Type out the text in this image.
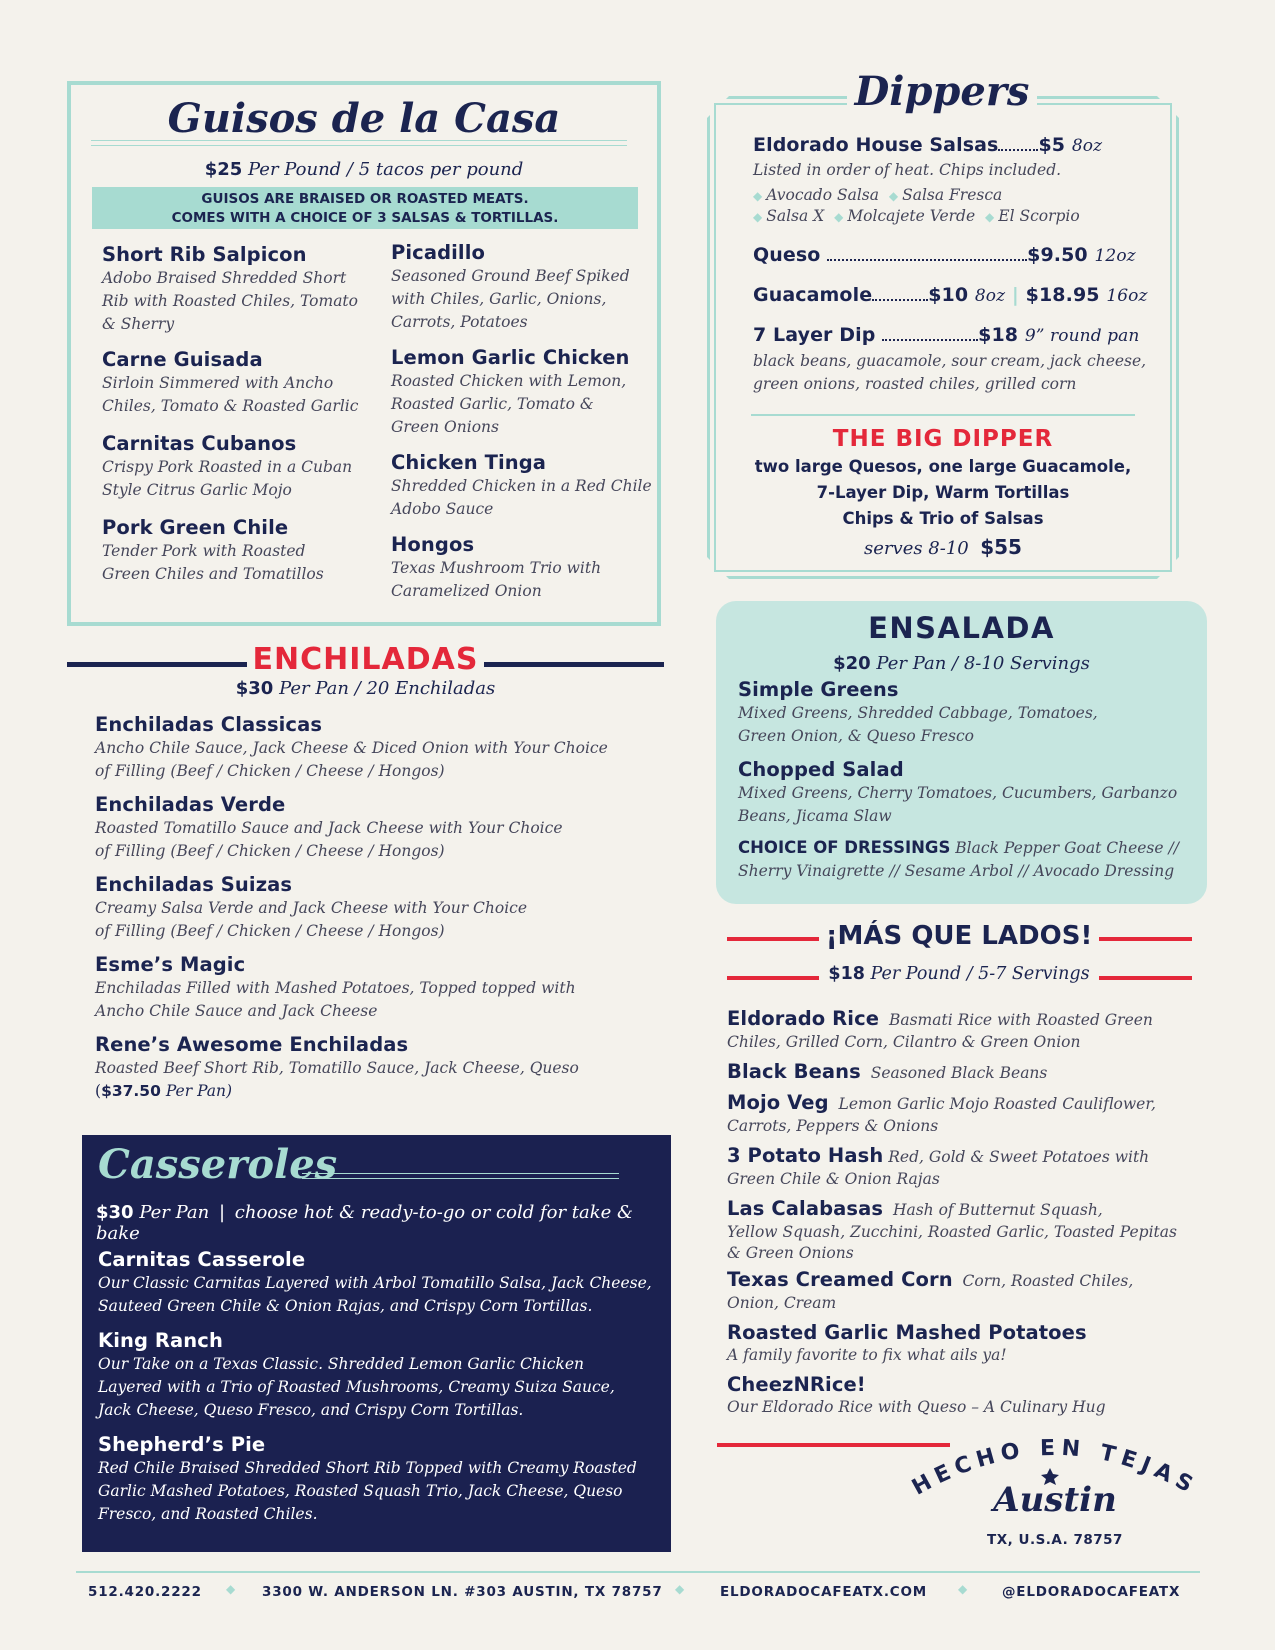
Guisos de la Casa
$25 Per Pound / 5 tacos per pound
GUISOS ARE BRAISED OR ROASTED MEATS.
COMES WITH A CHOICE OF 3 SALSAS & TORTILLAS.
Short Rib Salpicon
Adobo Braised Shredded Short
Rib with Roasted Chiles, Tomato
& Sherry
Carne Guisada
Sirloin Simmered with Ancho
Chiles, Tomato & Roasted Garlic
Carnitas Cubanos
Crispy Pork Roasted in a Cuban
Style Citrus Garlic Mojo
Pork Green Chile
Tender Pork with Roasted
Green Chiles and Tomatillos
Picadillo
Seasoned Ground Beef Spiked
with Chiles, Garlic, Onions,
Carrots, Potatoes
Lemon Garlic Chicken
Roasted Chicken with Lemon,
Roasted Garlic, Tomato &
Green Onions
Chicken Tinga
Shredded Chicken in a Red Chile
Adobo Sauce
Hongos
Texas Mushroom Trio with
Caramelized Onion
ENCHILADAS
$30 Per Pan / 20 Enchiladas
Enchiladas Classicas
Ancho Chile Sauce, Jack Cheese & Diced Onion with Your Choice
of Filling (Beef / Chicken / Cheese / Hongos)
Enchiladas Verde
Roasted Tomatillo Sauce and Jack Cheese with Your Choice
of Filling (Beef / Chicken / Cheese / Hongos)
Enchiladas Suizas
Creamy Salsa Verde and Jack Cheese with Your Choice
of Filling (Beef / Chicken / Cheese / Hongos)
Esme’s Magic
Enchiladas Filled with Mashed Potatoes, Topped topped with
Ancho Chile Sauce and Jack Cheese
Rene’s Awesome Enchiladas
Roasted Beef Short Rib, Tomatillo Sauce, Jack Cheese, Queso
($37.50 Per Pan)
Casseroles
$30 Per Pan | choose hot & ready-to-go or cold for take & bake
Carnitas Casserole
Our Classic Carnitas Layered with Arbol Tomatillo Salsa, Jack Cheese,
Sauteed Green Chile & Onion Rajas, and Crispy Corn Tortillas.
King Ranch
Our Take on a Texas Classic. Shredded Lemon Garlic Chicken
Layered with a Trio of Roasted Mushrooms, Creamy Suiza Sauce,
Jack Cheese, Queso Fresco, and Crispy Corn Tortillas.
Shepherd’s Pie
Red Chile Braised Shredded Short Rib Topped with Creamy Roasted
Garlic Mashed Potatoes, Roasted Squash Trio, Jack Cheese, Queso
Fresco, and Roasted Chiles.
Dippers
Eldorado House Salsas $5 8oz
Listed in order of heat. Chips included.
◆ Avocado Salsa ◆ Salsa Fresca
◆ Salsa X ◆ Molcajete Verde ◆ El Scorpio
Queso	$9.50 12oz
Guacamole	$10 8oz | $18.95 16oz
7 Layer Dip	$18 9” round pan
black beans, guacamole, sour cream, jack cheese,
green onions, roasted chiles, grilled corn
THE BIG DIPPER
two large Quesos, one large Guacamole,
7-Layer Dip, Warm Tortillas
Chips & Trio of Salsas
serves 8-10 $55
ENSALADA
$20 Per Pan / 8-10 Servings
Simple Greens
Mixed Greens, Shredded Cabbage, Tomatoes,
Green Onion, & Queso Fresco
Chopped Salad
Mixed Greens, Cherry Tomatoes, Cucumbers, Garbanzo
Beans, Jicama Slaw
CHOICE OF DRESSINGS Black Pepper Goat Cheese //
Sherry Vinaigrette // Sesame Arbol // Avocado Dressing
¡MÁS QUE LADOS!
$18 Per Pound / 5-7 Servings
Eldorado Rice Basmati Rice with Roasted Green
Chiles, Grilled Corn, Cilantro & Green Onion
Black Beans Seasoned Black Beans
Mojo Veg Lemon Garlic Mojo Roasted Cauliflower,
Carrots, Peppers & Onions
3 Potato Hash Red, Gold & Sweet Potatoes with
Green Chile & Onion Rajas
Las Calabasas Hash of Butternut Squash,
Yellow Squash, Zucchini, Roasted Garlic, Toasted Pepitas
& Green Onions
Texas Creamed Corn Corn, Roasted Chiles,
Onion, Cream
Roasted Garlic Mashed Potatoes
A family favorite to fix what ails ya!
CheezNRice!
Our Eldorado Rice with Queso – A Culinary Hug
HECHO EN TEJAS
Austin
TX, U.S.A. 78757
512.420.2222 ◆ 3300 W. ANDERSON LN. #303 AUSTIN, TX 78757 ◆	ELDORADOCAFEATX.COM	◆	@ELDORADOCAFEATX
